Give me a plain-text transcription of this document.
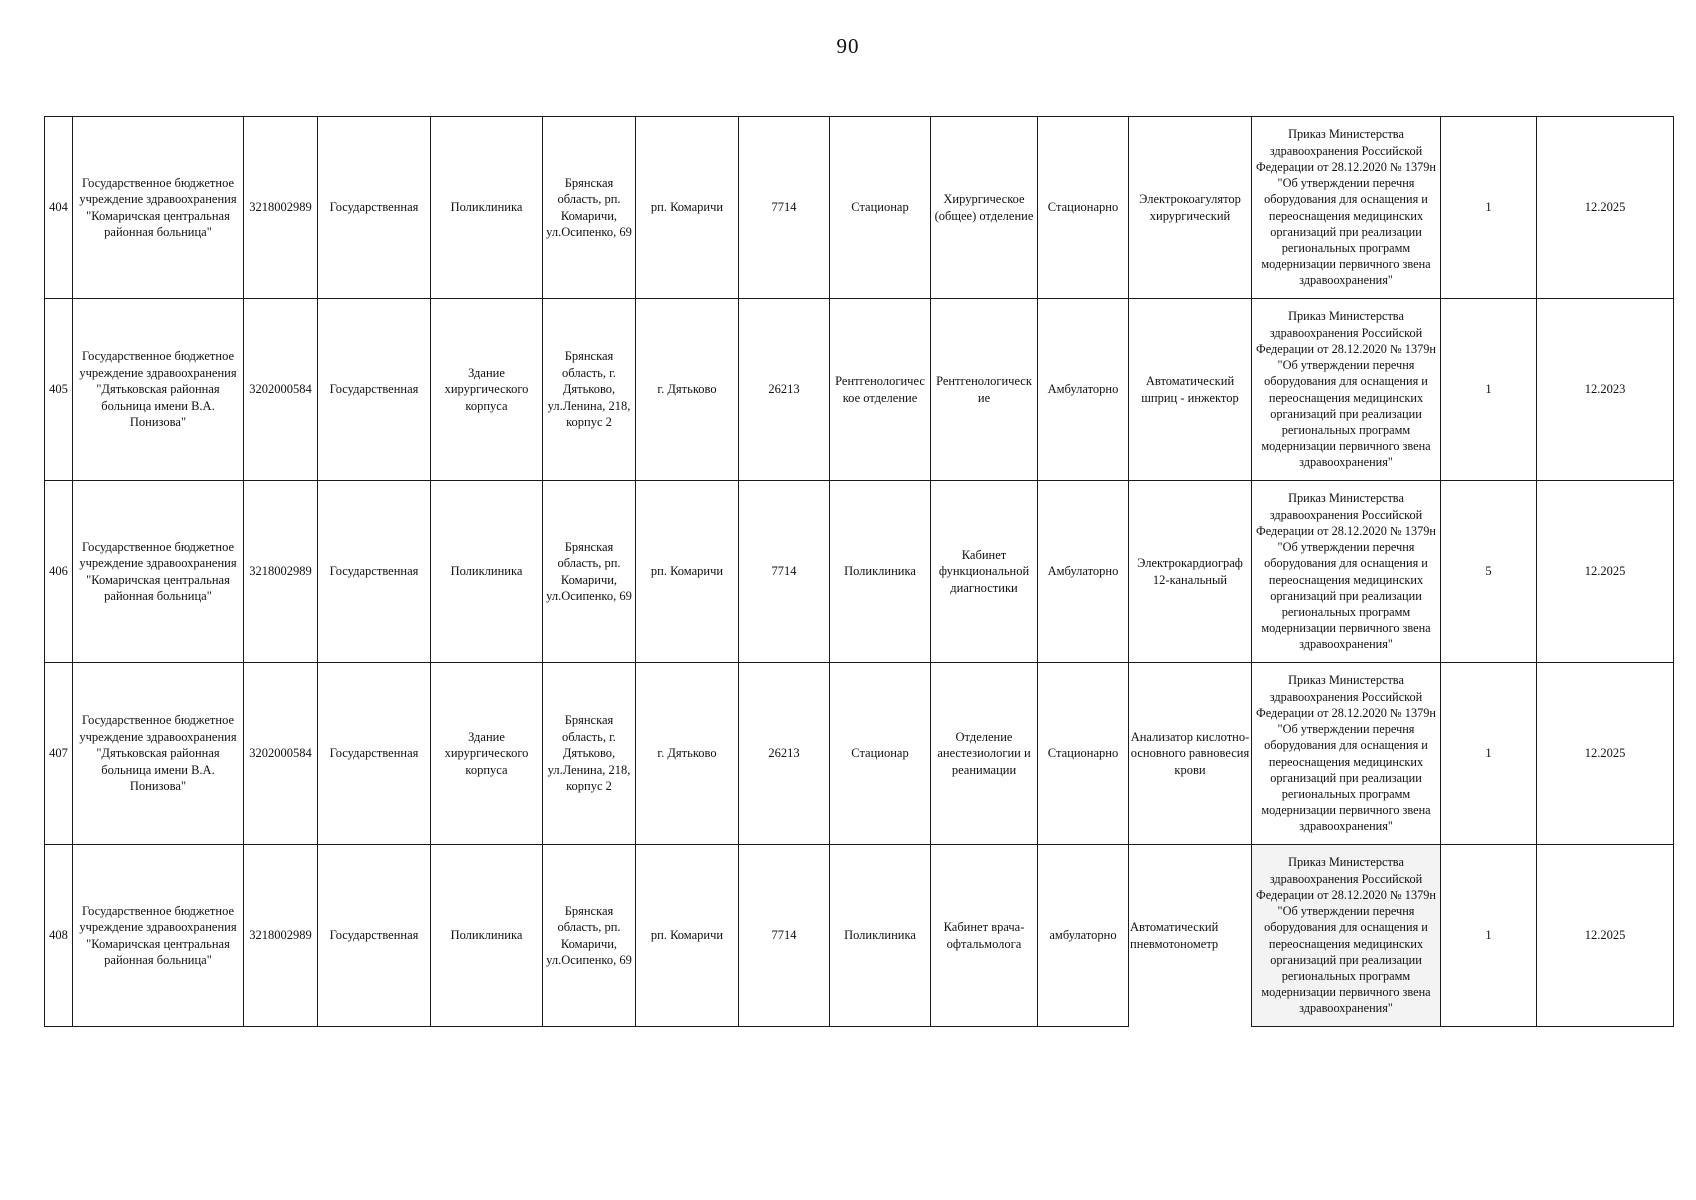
90
404	Государственное бюджетное учреждение здравоохранения "Комаричская центральная районная больница"	3218002989	Государственная	Поликлиника	Брянская область, рп. Комаричи, ул.Осипенко, 69	рп. Комаричи	7714	Стационар	Хирургическое (общее) отделение	Стационарно	Электрокоагулятор хирургический	Приказ Министерства здравоохранения Российской Федерации от 28.12.2020 № 1379н "Об утверждении перечня оборудования для оснащения и переоснащения медицинских организаций при реализации региональных программ модернизации первичного звена здравоохранения"	1	12.2025
405	Государственное бюджетное учреждение здравоохранения "Дятьковская районная больница имени В.А. Понизова"	3202000584	Государственная	Здание хирургического корпуса	Брянская область, г. Дятьково, ул.Ленина, 218, корпус 2	г. Дятьково	26213	Рентгенологичес кое отделение	Рентгенологическ ие	Амбулаторно	Автоматический шприц - инжектор	Приказ Министерства здравоохранения Российской Федерации от 28.12.2020 № 1379н "Об утверждении перечня оборудования для оснащения и переоснащения медицинских организаций при реализации региональных программ модернизации первичного звена здравоохранения"	1	12.2023
406	Государственное бюджетное учреждение здравоохранения "Комаричская центральная районная больница"	3218002989	Государственная	Поликлиника	Брянская область, рп. Комаричи, ул.Осипенко, 69	рп. Комаричи	7714	Поликлиника	Кабинет функциональной диагностики	Амбулаторно	Электрокардиограф 12-канальный	Приказ Министерства здравоохранения Российской Федерации от 28.12.2020 № 1379н "Об утверждении перечня оборудования для оснащения и переоснащения медицинских организаций при реализации региональных программ модернизации первичного звена здравоохранения"	5	12.2025
407	Государственное бюджетное учреждение здравоохранения "Дятьковская районная больница имени В.А. Понизова"	3202000584	Государственная	Здание хирургического корпуса	Брянская область, г. Дятьково, ул.Ленина, 218, корпус 2	г. Дятьково	26213	Стационар	Отделение анестезиологии и реанимации	Стационарно	Анализатор кислотно-основного равновесия крови	Приказ Министерства здравоохранения Российской Федерации от 28.12.2020 № 1379н "Об утверждении перечня оборудования для оснащения и переоснащения медицинских организаций при реализации региональных программ модернизации первичного звена здравоохранения"	1	12.2025
408	Государственное бюджетное учреждение здравоохранения "Комаричская центральная районная больница"	3218002989	Государственная	Поликлиника	Брянская область, рп. Комаричи, ул.Осипенко, 69	рп. Комаричи	7714	Поликлиника	Кабинет врача-офтальмолога	амбулаторно	Автоматический пневмотонометр	Приказ Министерства здравоохранения Российской Федерации от 28.12.2020 № 1379н "Об утверждении перечня оборудования для оснащения и переоснащения медицинских организаций при реализации региональных программ модернизации первичного звена здравоохранения"	1	12.2025
